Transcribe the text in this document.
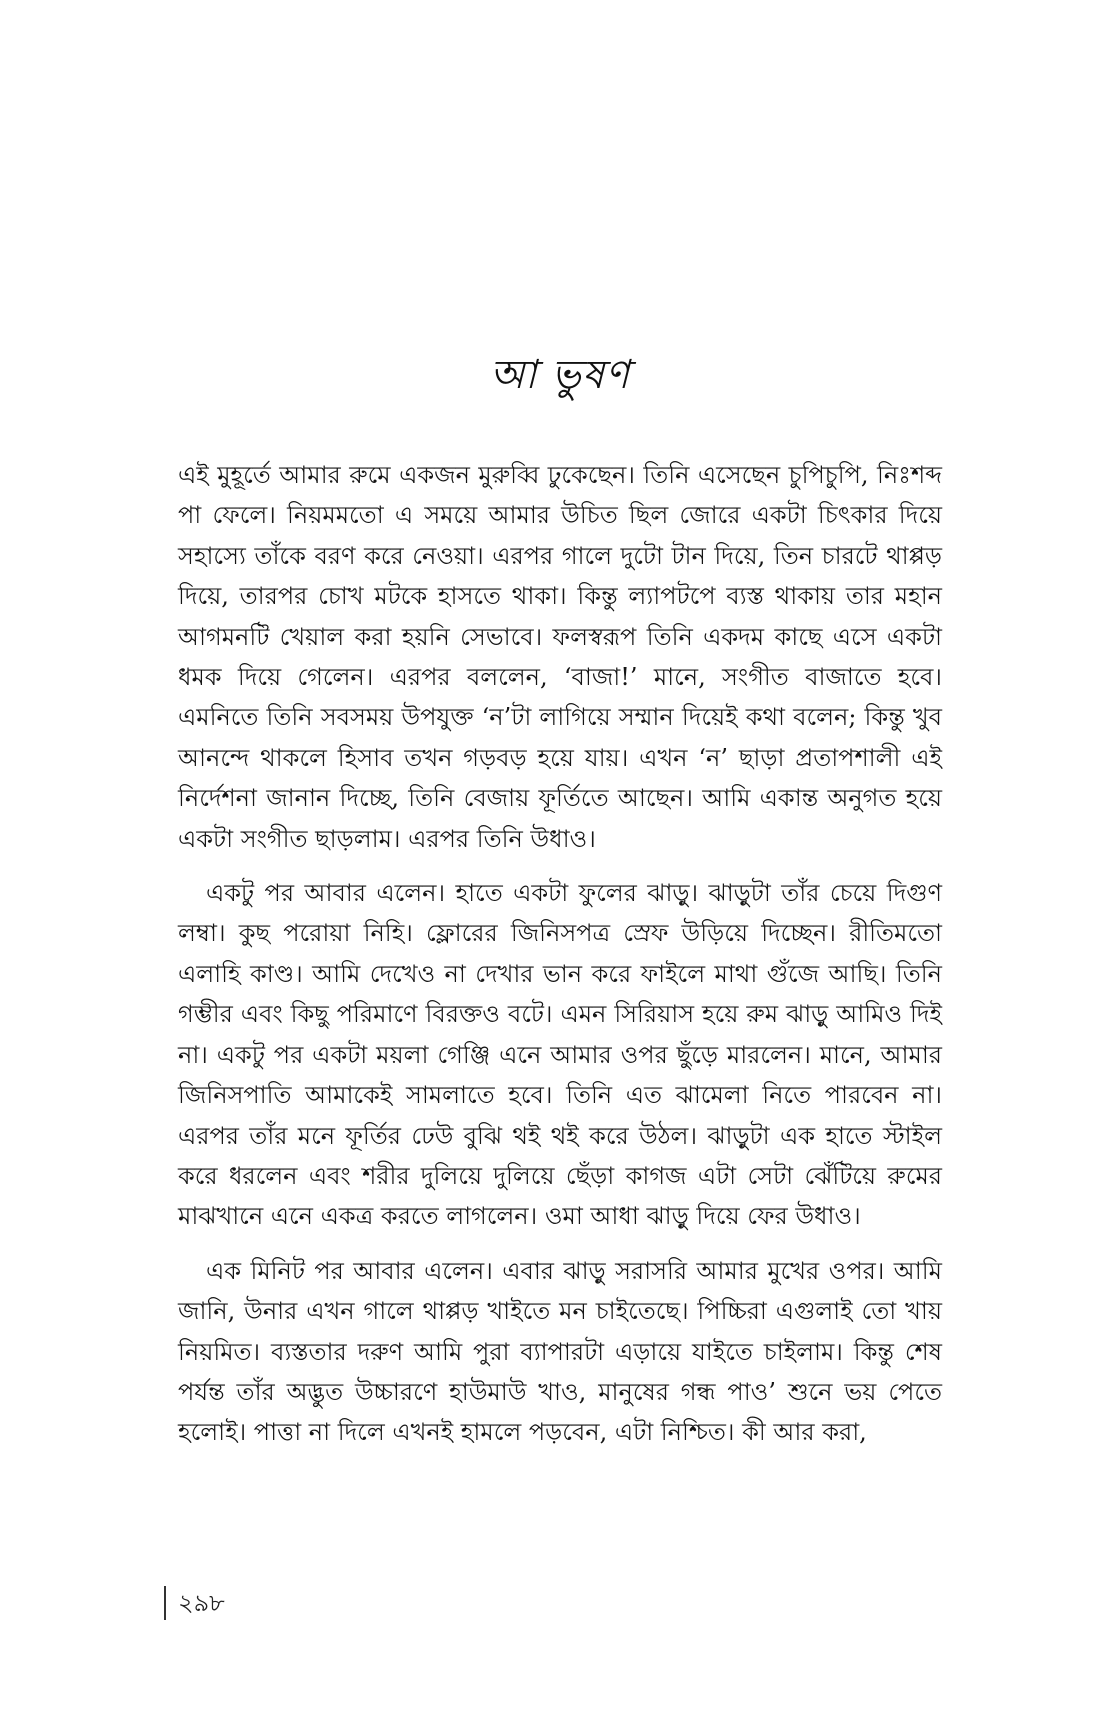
আ ভুষণ

এই মুহূর্তে আমার রুমে একজন মুরুব্বি ঢুকেছেন। তিনি এসেছেন চুপিচুপি, নিঃশব্দ পা ফেলে। নিয়মমতো এ সময়ে আমার উচিত ছিল জোরে একটা চিৎকার দিয়ে সহাস্যে তাঁকে বরণ করে নেওয়া। এরপর গালে দুটো টান দিয়ে, তিন চারটে থাপ্পড় দিয়ে, তারপর চোখ মটকে হাসতে থাকা। কিন্তু ল্যাপটপে ব্যস্ত থাকায় তার মহান আগমনটি খেয়াল করা হয়নি সেভাবে। ফলস্বরূপ তিনি একদম কাছে এসে একটা ধমক দিয়ে গেলেন। এরপর বললেন, ‘বাজা!’ মানে, সংগীত বাজাতে হবে। এমনিতে তিনি সবসময় উপযুক্ত ‘ন’টা লাগিয়ে সম্মান দিয়েই কথা বলেন; কিন্তু খুব আনন্দে থাকলে হিসাব তখন গড়বড় হয়ে যায়। এখন ‘ন’ ছাড়া প্রতাপশালী এই নির্দেশনা জানান দিচ্ছে, তিনি বেজায় ফূর্তিতে আছেন। আমি একান্ত অনুগত হয়ে একটা সংগীত ছাড়লাম। এরপর তিনি উধাও।

একটু পর আবার এলেন। হাতে একটা ফুলের ঝাড়ু। ঝাড়ুটা তাঁর চেয়ে দিগুণ লম্বা। কুছ পরোয়া নিহি। ফ্লোরের জিনিসপত্র স্রেফ উড়িয়ে দিচ্ছেন। রীতিমতো এলাহি কাণ্ড। আমি দেখেও না দেখার ভান করে ফাইলে মাথা গুঁজে আছি। তিনি গম্ভীর এবং কিছু পরিমাণে বিরক্তও বটে। এমন সিরিয়াস হয়ে রুম ঝাড়ু আমিও দিই না। একটু পর একটা ময়লা গেঞ্জি এনে আমার ওপর ছুঁড়ে মারলেন। মানে, আমার জিনিসপাতি আমাকেই সামলাতে হবে। তিনি এত ঝামেলা নিতে পারবেন না। এরপর তাঁর মনে ফূর্তির ঢেউ বুঝি থই থই করে উঠল। ঝাড়ুটা এক হাতে স্টাইল করে ধরলেন এবং শরীর দুলিয়ে দুলিয়ে ছেঁড়া কাগজ এটা সেটা ঝেঁটিয়ে রুমের মাঝখানে এনে একত্র করতে লাগলেন। ওমা আধা ঝাড়ু দিয়ে ফের উধাও।

এক মিনিট পর আবার এলেন। এবার ঝাড়ু সরাসরি আমার মুখের ওপর। আমি জানি, উনার এখন গালে থাপ্পড় খাইতে মন চাইতেছে। পিচ্চিরা এগুলাই তো খায় নিয়মিত। ব্যস্ততার দরুণ আমি পুরা ব্যাপারটা এড়ায়ে যাইতে চাইলাম। কিন্তু শেষ পর্যন্ত তাঁর অদ্ভুত উচ্চারণে হাউমাউ খাও, মানুষের গন্ধ পাও’ শুনে ভয় পেতে হলোই। পাত্তা না দিলে এখনই হামলে পড়বেন, এটা নিশ্চিত। কী আর করা,

২৯৮
